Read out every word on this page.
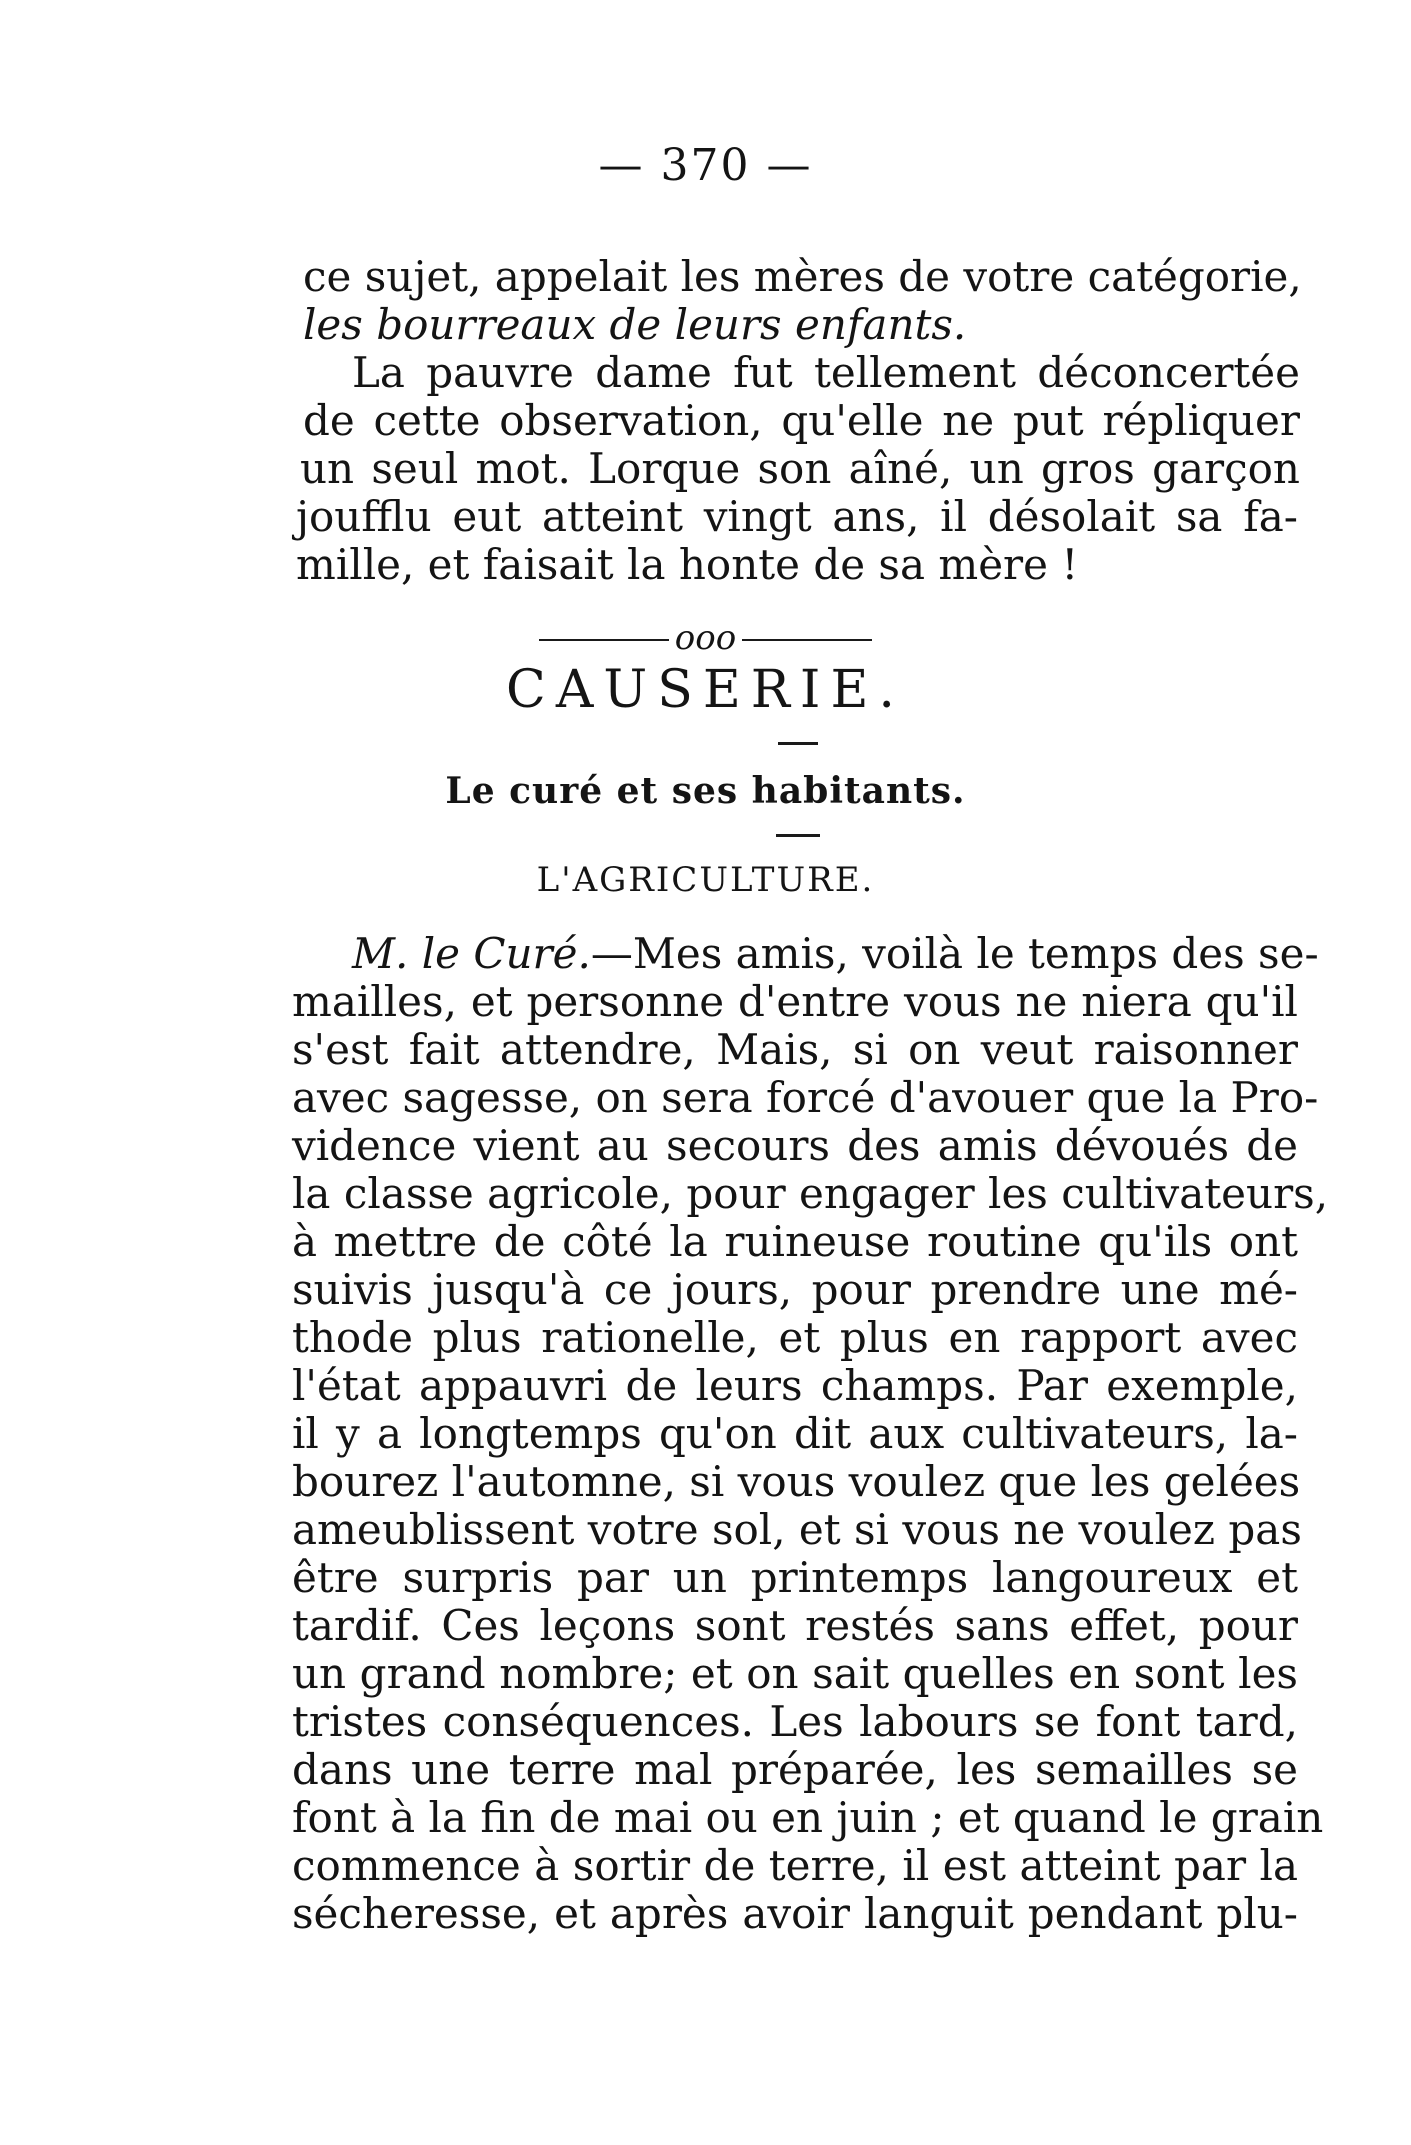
— 370 —
ce sujet, appelait les mères de votre catégorie,
les bourreaux de leurs enfants.
La pauvre dame fut tellement déconcertée
de cette observation, qu'elle ne put répliquer
un seul mot. Lorque son aîné, un gros garçon
joufflu eut atteint vingt ans, il désolait sa fa-
mille, et faisait la honte de sa mère !
ooo
CAUSERIE.
Le curé et ses habitants.
L'AGRICULTURE.
M. le Curé.—Mes amis, voilà le temps des se-
mailles, et personne d'entre vous ne niera qu'il
s'est fait attendre, Mais, si on veut raisonner
avec sagesse, on sera forcé d'avouer que la Pro-
vidence vient au secours des amis dévoués de
la classe agricole, pour engager les cultivateurs,
à mettre de côté la ruineuse routine qu'ils ont
suivis jusqu'à ce jours, pour prendre une mé-
thode plus rationelle, et plus en rapport avec
l'état appauvri de leurs champs. Par exemple,
il y a longtemps qu'on dit aux cultivateurs, la-
bourez l'automne, si vous voulez que les gelées
ameublissent votre sol, et si vous ne voulez pas
être surpris par un printemps langoureux et
tardif. Ces leçons sont restés sans effet, pour
un grand nombre; et on sait quelles en sont les
tristes conséquences. Les labours se font tard,
dans une terre mal préparée, les semailles se
font à la fin de mai ou en juin ; et quand le grain
commence à sortir de terre, il est atteint par la
sécheresse, et après avoir languit pendant plu-
